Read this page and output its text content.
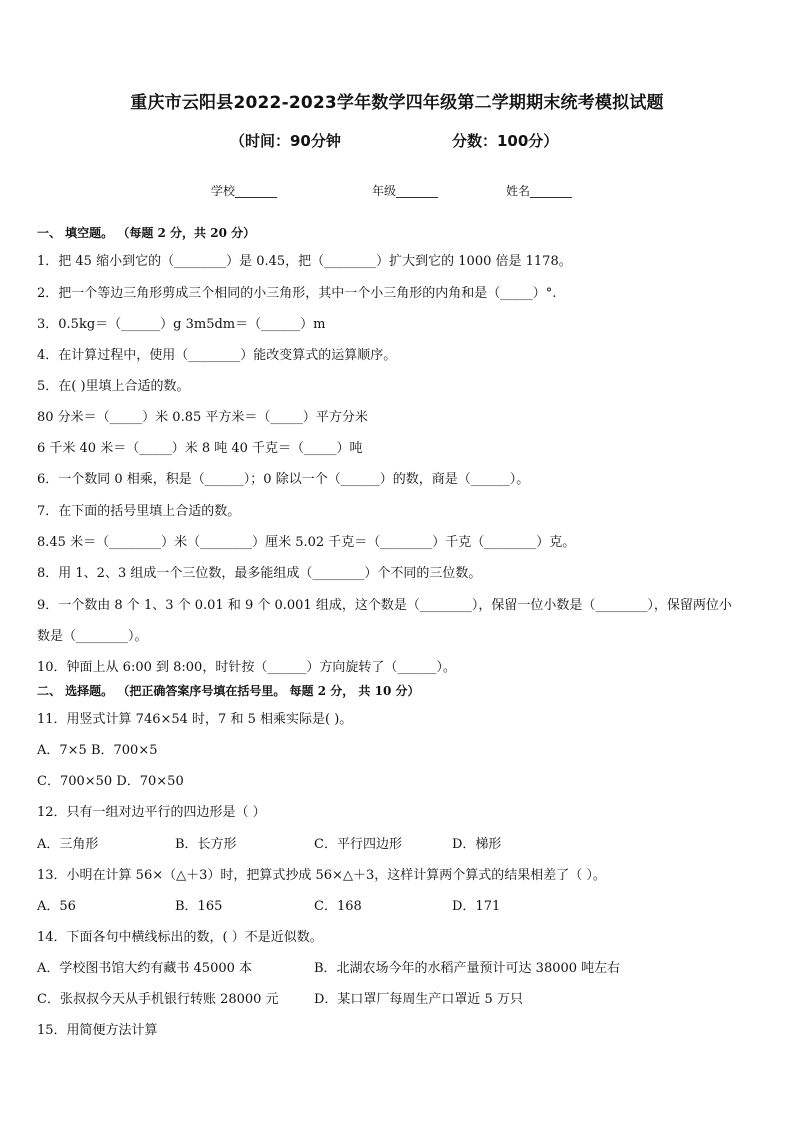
重庆市云阳县2022-2023学年数学四年级第二学期期末统考模拟试题
（时间：90分钟	分数：100分）
学校_______	年级_______	姓名_______
一、 填空题。 （每题 2 分，共 20 分）
1．把 45 缩小到它的（________）是 0.45，把（________）扩大到它的 1000 倍是 1178。
2．把一个等边三角形剪成三个相同的小三角形，其中一个小三角形的内角和是（_____）°.
3．0.5kg＝（______）g 3m5dm＝（______）m
4．在计算过程中，使用（________）能改变算式的运算顺序。
5．在( )里填上合适的数。
80 分米＝（_____）米 0.85 平方米＝（_____）平方分米
6 千米 40 米＝（_____）米 8 吨 40 千克＝（_____）吨
6．一个数同 0 相乘，积是（______）；0 除以一个（______）的数，商是（______）。
7．在下面的括号里填上合适的数。
8.45 米＝（________）米（________）厘米 5.02 千克＝（________）千克（________）克。
8．用 1、2、3 组成一个三位数，最多能组成（________）个不同的三位数。
9．一个数由 8 个 1、3 个 0.01 和 9 个 0.001 组成，这个数是（________），保留一位小数是（________），保留两位小
数是（________）。
10．钟面上从 6:00 到 8:00，时针按（______）方向旋转了（______）。
二、 选择题。 （把正确答案序号填在括号里。 每题 2 分， 共 10 分）
11．用竖式计算 746×54 时，7 和 5 相乘实际是( )。
A．7×5 B．700×5
C．700×50 D．70×50
12．只有一组对边平行的四边形是（ ）
A．三角形	B．长方形	C．平行四边形	D．梯形
13．小明在计算 56×（△＋3）时，把算式抄成 56×△＋3，这样计算两个算式的结果相差了（ ）。
A．56	B．165	C．168	D．171
14．下面各句中横线标出的数，( ）不是近似数。
A．学校图书馆大约有藏书 45000 本	B．北湖农场今年的水稻产量预计可达 38000 吨左右
C．张叔叔今天从手机银行转账 28000 元	D．某口罩厂每周生产口罩近 5 万只
15．用简便方法计算
